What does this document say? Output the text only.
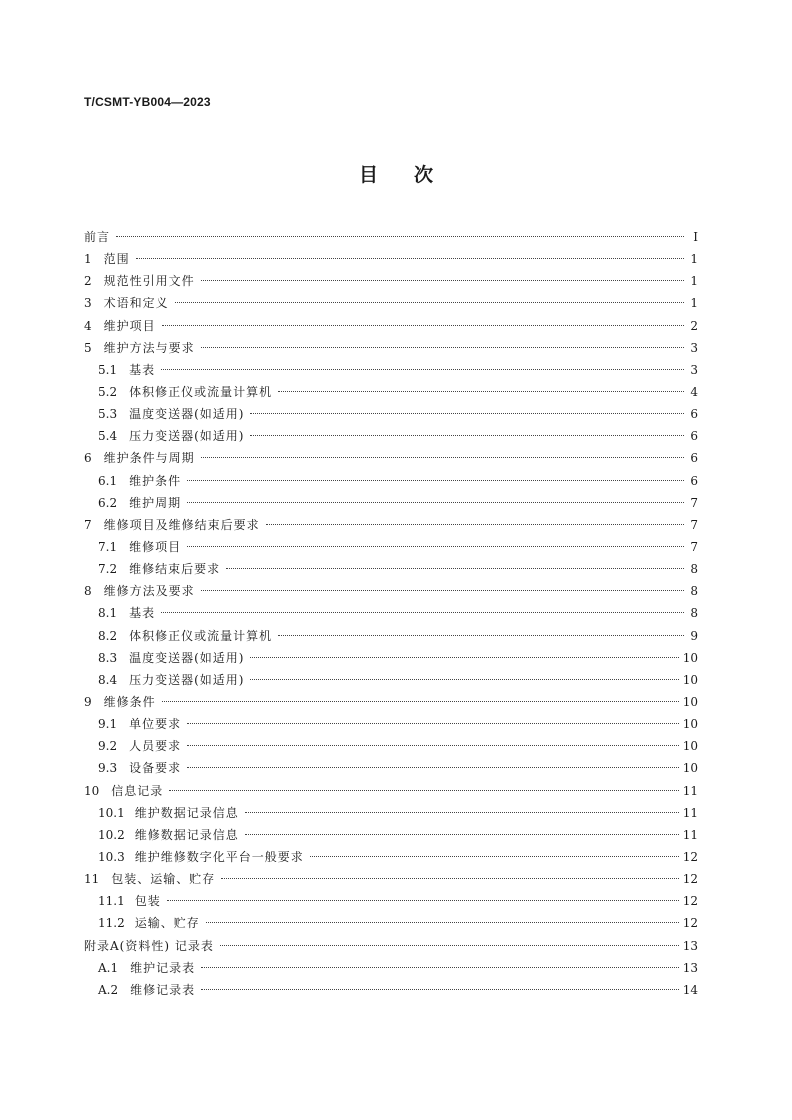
T/CSMT-YB004—2023
目次
前言	I
1 范围	1
2 规范性引用文件	1
3 术语和定义	1
4 维护项目	2
5 维护方法与要求	3
5.1 基表	3
5.2 体积修正仪或流量计算机	4
5.3 温度变送器(如适用)	6
5.4 压力变送器(如适用)	6
6 维护条件与周期	6
6.1 维护条件	6
6.2 维护周期	7
7 维修项目及维修结束后要求	7
7.1 维修项目	7
7.2 维修结束后要求	8
8 维修方法及要求	8
8.1 基表	8
8.2 体积修正仪或流量计算机	9
8.3 温度变送器(如适用)	10
8.4 压力变送器(如适用)	10
9 维修条件	10
9.1 单位要求	10
9.2 人员要求	10
9.3 设备要求	10
10 信息记录	11
10.1 维护数据记录信息	11
10.2 维修数据记录信息	11
10.3 维护维修数字化平台一般要求	12
11 包装、运输、贮存	12
11.1 包装	12
11.2 运输、贮存	12
附录A(资料性) 记录表	13
A.1 维护记录表	13
A.2 维修记录表	14
